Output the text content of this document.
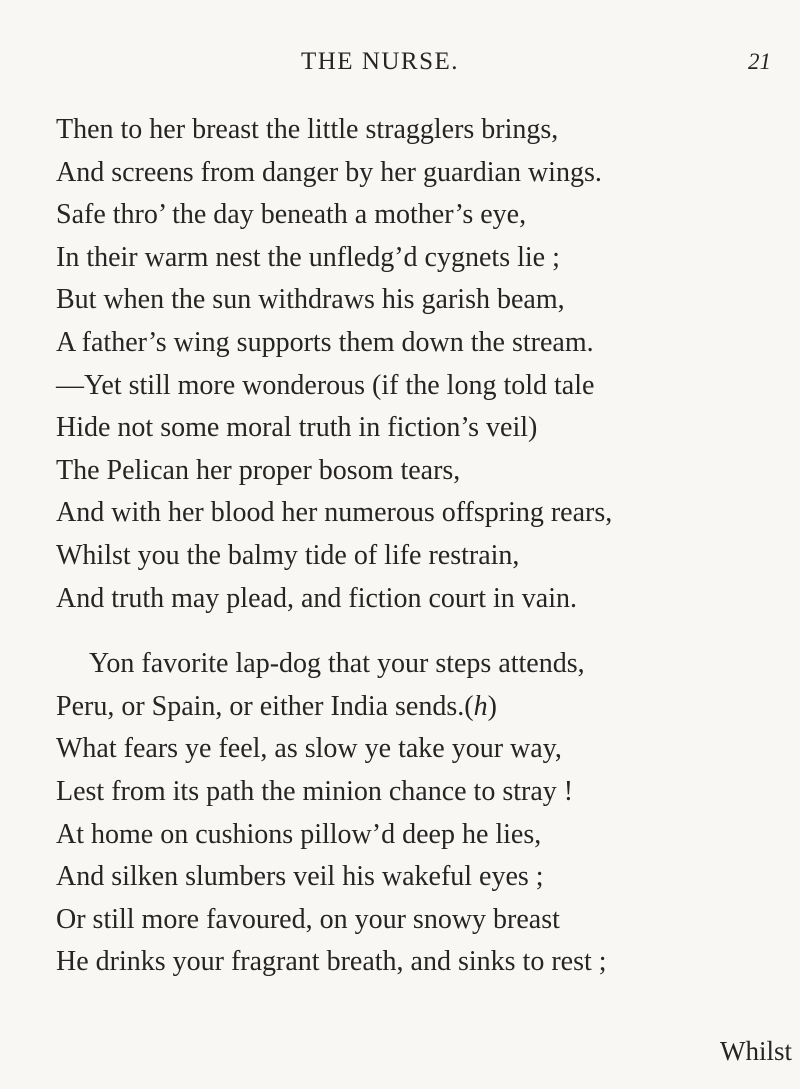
THE NURSE.	21
Then to her breast the little stragglers brings,
And screens from danger by her guardian wings.
Safe thro’ the day beneath a mother’s eye,
In their warm nest the unfledg’d cygnets lie ;
But when the sun withdraws his garish beam,
A father’s wing supports them down the stream.
—Yet still more wonderous (if the long told tale
Hide not some moral truth in fiction’s veil)
The Pelican her proper bosom tears,
And with her blood her numerous offspring rears,
Whilst you the balmy tide of life restrain,
And truth may plead, and fiction court in vain.
Yon favorite lap-dog that your steps attends,
Peru, or Spain, or either India sends.(h)
What fears ye feel, as slow ye take your way,
Lest from its path the minion chance to stray !
At home on cushions pillow’d deep he lies,
And silken slumbers veil his wakeful eyes ;
Or still more favoured, on your snowy breast
He drinks your fragrant breath, and sinks to rest ;
Whilst
